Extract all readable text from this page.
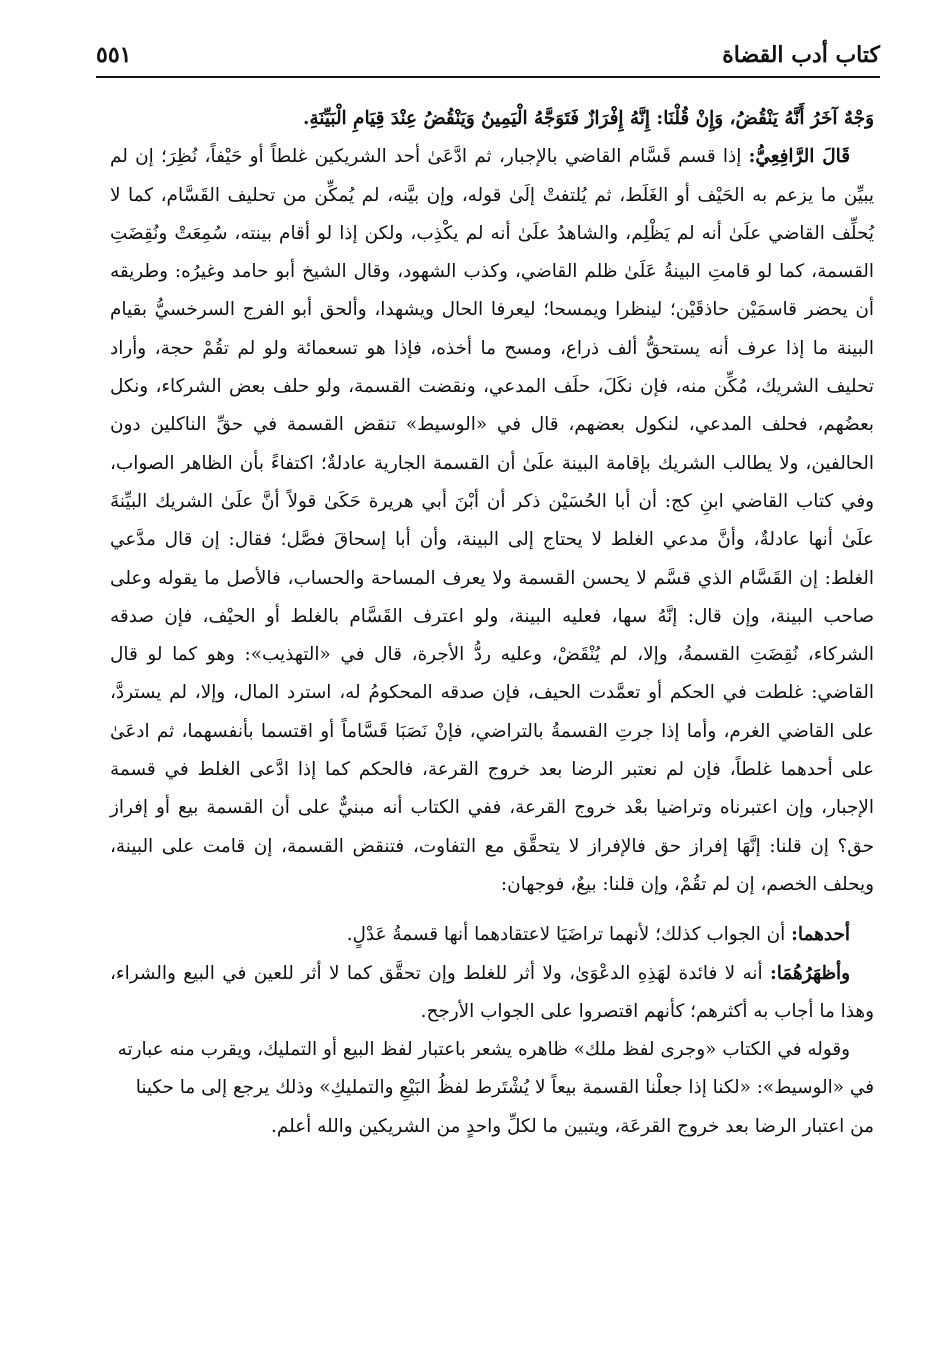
كتاب أدب القضاة
٥٥١

وَجْهٌ آخَرُ أَنَّهُ يَنْقُضُ، وَإِنْ قُلْنَا: إِنَّهُ إِفْرَازٌ فَتَوَجَّهُ الْيَمِينُ وَيَنْقُضُ عِنْدَ قِيَامِ الْبَيِّنَةِ.

قَالَ الرَّافِعِيُّ: إذا قسم قَسَّام القاضي بالإجبار، ثم ادَّعَىٰ أحد الشريكين غلطاً أو حَيْفاً، نُظِرَ؛ إن لم يبيِّن ما يزعم به الحَيْف أو الغَلَط، ثم يُلتفتْ إلَىٰ قوله، وإن بيَّنه، لم يُمكِّن من تحليف القَسَّام، كما لا يُحلِّف القاضي علَىٰ أنه لم يَظْلِم، والشاهدُ علَىٰ أنه لم يكْذِب، ولكن إذا لو أقام بينته، سُمِعَتْ ونُقِضَتِ القسمة، كما لو قامتِ البينةُ عَلَىٰ ظلم القاضي، وكذب الشهود، وقال الشيخ أبو حامد وغيرُه: وطريقه أن يحضر قاسمَيْن حاذقَيْن؛ لينظرا ويمسحا؛ ليعرفا الحال ويشهدا، وألحق أبو الفرج السرخسيُّ بقيام البينة ما إذا عرف أنه يستحقُّ ألف ذراع، ومسح ما أخذه، فإذا هو تسعمائة ولو لم تقُمْ حجة، وأراد تحليف الشريك، مُكِّن منه، فإن نكَلَ، حلَف المدعي، ونقضت القسمة، ولو حلف بعض الشركاء، ونكل بعضُهم، فحلف المدعي، لنكول بعضهم، قال في «الوسيط» تنقض القسمة في حقِّ الناكلين دون الحالفين، ولا يطالب الشريك بإقامة البينة علَىٰ أن القسمة الجارية عادلةٌ؛ اكتفاءً بأن الظاهر الصواب، وفي كتاب القاضي ابنِ كج: أن أبا الحُسَيْن ذكر أن أبْنَ أبي هريرة حَكَىٰ قولاً أنَّ علَىٰ الشريك البيِّنةَ علَىٰ أنها عادلةٌ، وأنَّ مدعي الغلط لا يحتاج إلى البينة، وأن أبا إسحاقَ فصَّل؛ فقال: إن قال مدَّعي الغلط: إن القَسَّام الذي قسَّم لا يحسن القسمة ولا يعرف المساحة والحساب، فالأصل ما يقوله وعلى صاحب البينة، وإن قال: إنَّهُ سها، فعليه البينة، ولو اعترف القَسَّام بالغلط أو الحيْف، فإن صدقه الشركاء، نُقِضَتِ القسمةُ، وإلا، لم يُنْقَضْ، وعليه ردُّ الأجرة، قال في «التهذيب»: وهو كما لو قال القاضي: غلطت في الحكم أو تعمَّدت الحيف، فإن صدقه المحكومُ له، استرد المال، وإلا، لم يستردَّ، على القاضي الغرم، وأما إذا جرتِ القسمةُ بالتراضي، فإنْ نَصَبَا قَسَّاماً أو اقتسما بأنفسهما، ثم ادعَىٰ على أحدهما غلطاً، فإن لم نعتبر الرضا بعد خروج القرعة، فالحكم كما إذا ادَّعى الغلط في قسمة الإجبار، وإن اعتبرناه وتراضيا بعْد خروج القرعة، ففي الكتاب أنه مبنيٌّ على أن القسمة بيع أو إفراز حق؟ إن قلنا: إنَّهَا إفراز حق فالإفراز لا يتحقَّق مع التفاوت، فتنقض القسمة، إن قامت على البينة، ويحلف الخصم، إن لم تقُمْ، وإن قلنا: بيعٌ، فوجهان:

أحدهما: أن الجواب كذلك؛ لأنهما تراضَيَا لاعتقادهما أنها قسمةُ عَدْلٍ.

وأظهَرُهُمَا: أنه لا فائدة لهَذِهِ الدعْوَىٰ، ولا أثر للغلط وإن تحقَّق كما لا أثر للعين في البيع والشراء، وهذا ما أجاب به أكثرهم؛ كأنهم اقتصروا على الجواب الأرجح.

وقوله في الكتاب «وجرى لفظ ملك» ظاهره يشعر باعتبار لفظ البيع أو التمليك، ويقرب منه عبارته في «الوسيط»: «لكنا إذا جعلْنا القسمة بيعاً لا يُشْتَرط لفظُ البَيْعِ والتمليكِ» وذلك يرجع إلى ما حكينا من اعتبار الرضا بعد خروج القرعَة، ويتبين ما لكلِّ واحدٍ من الشريكين والله أعلم.
